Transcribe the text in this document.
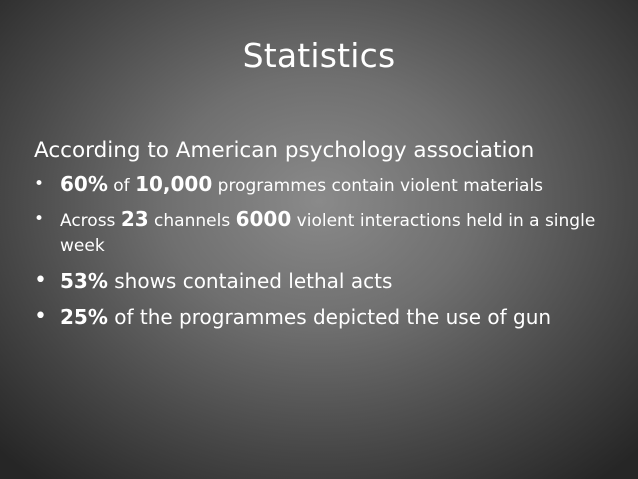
Statistics
According to American psychology association
• 60% of 10,000 programmes contain violent materials
• Across 23 channels 6000 violent interactions held in a single week
• 53% shows contained lethal acts
• 25% of the programmes depicted the use of gun
